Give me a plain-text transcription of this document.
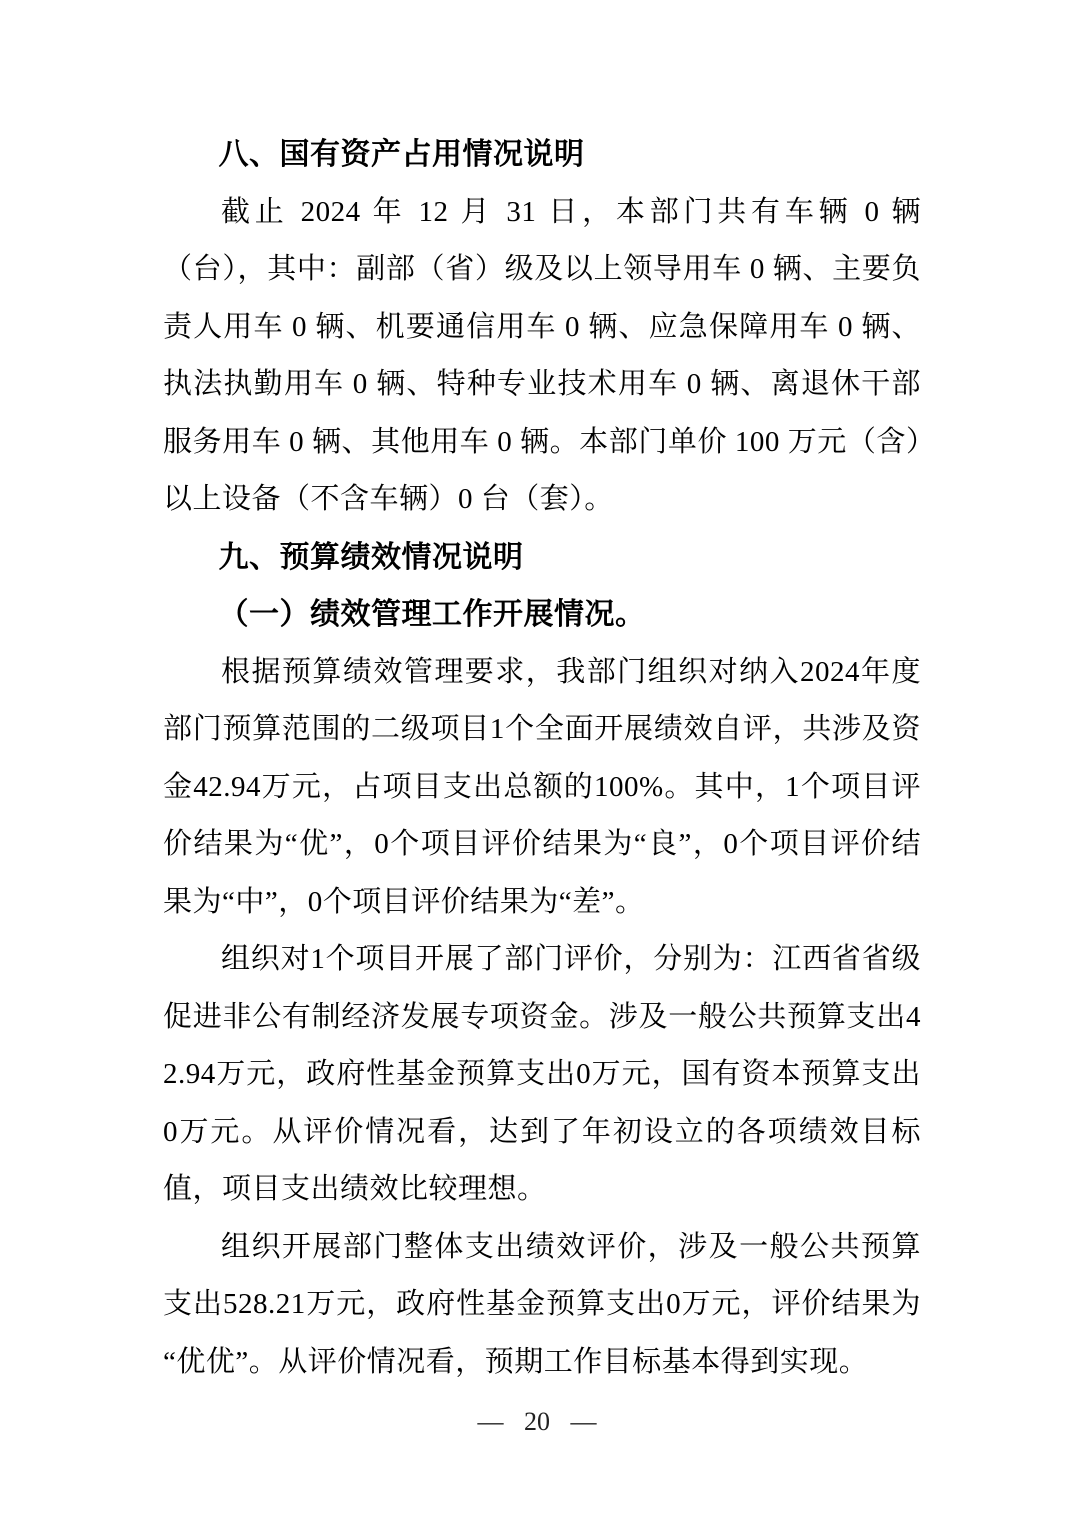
八、国有资产占用情况说明

截止 2024 年 12 月 31 日，本部门共有车辆 0 辆（台），其中：副部（省）级及以上领导用车 0 辆、主要负责人用车 0 辆、机要通信用车 0 辆、应急保障用车 0 辆、执法执勤用车 0 辆、特种专业技术用车 0 辆、离退休干部服务用车 0 辆、其他用车 0 辆。本部门单价 100 万元（含）以上设备（不含车辆）0 台（套）。

九、预算绩效情况说明
（一）绩效管理工作开展情况。

根据预算绩效管理要求，我部门组织对纳入2024年度部门预算范围的二级项目1个全面开展绩效自评，共涉及资金42.94万元，占项目支出总额的100%。其中，1个项目评价结果为“优”，0个项目评价结果为“良”，0个项目评价结果为“中”，0个项目评价结果为“差”。

组织对1个项目开展了部门评价，分别为：江西省省级促进非公有制经济发展专项资金。涉及一般公共预算支出42.94万元，政府性基金预算支出0万元，国有资本预算支出0万元。从评价情况看，达到了年初设立的各项绩效目标值，项目支出绩效比较理想。

组织开展部门整体支出绩效评价，涉及一般公共预算支出528.21万元，政府性基金预算支出0万元，评价结果为“优优”。从评价情况看，预期工作目标基本得到实现。

— 20 —
